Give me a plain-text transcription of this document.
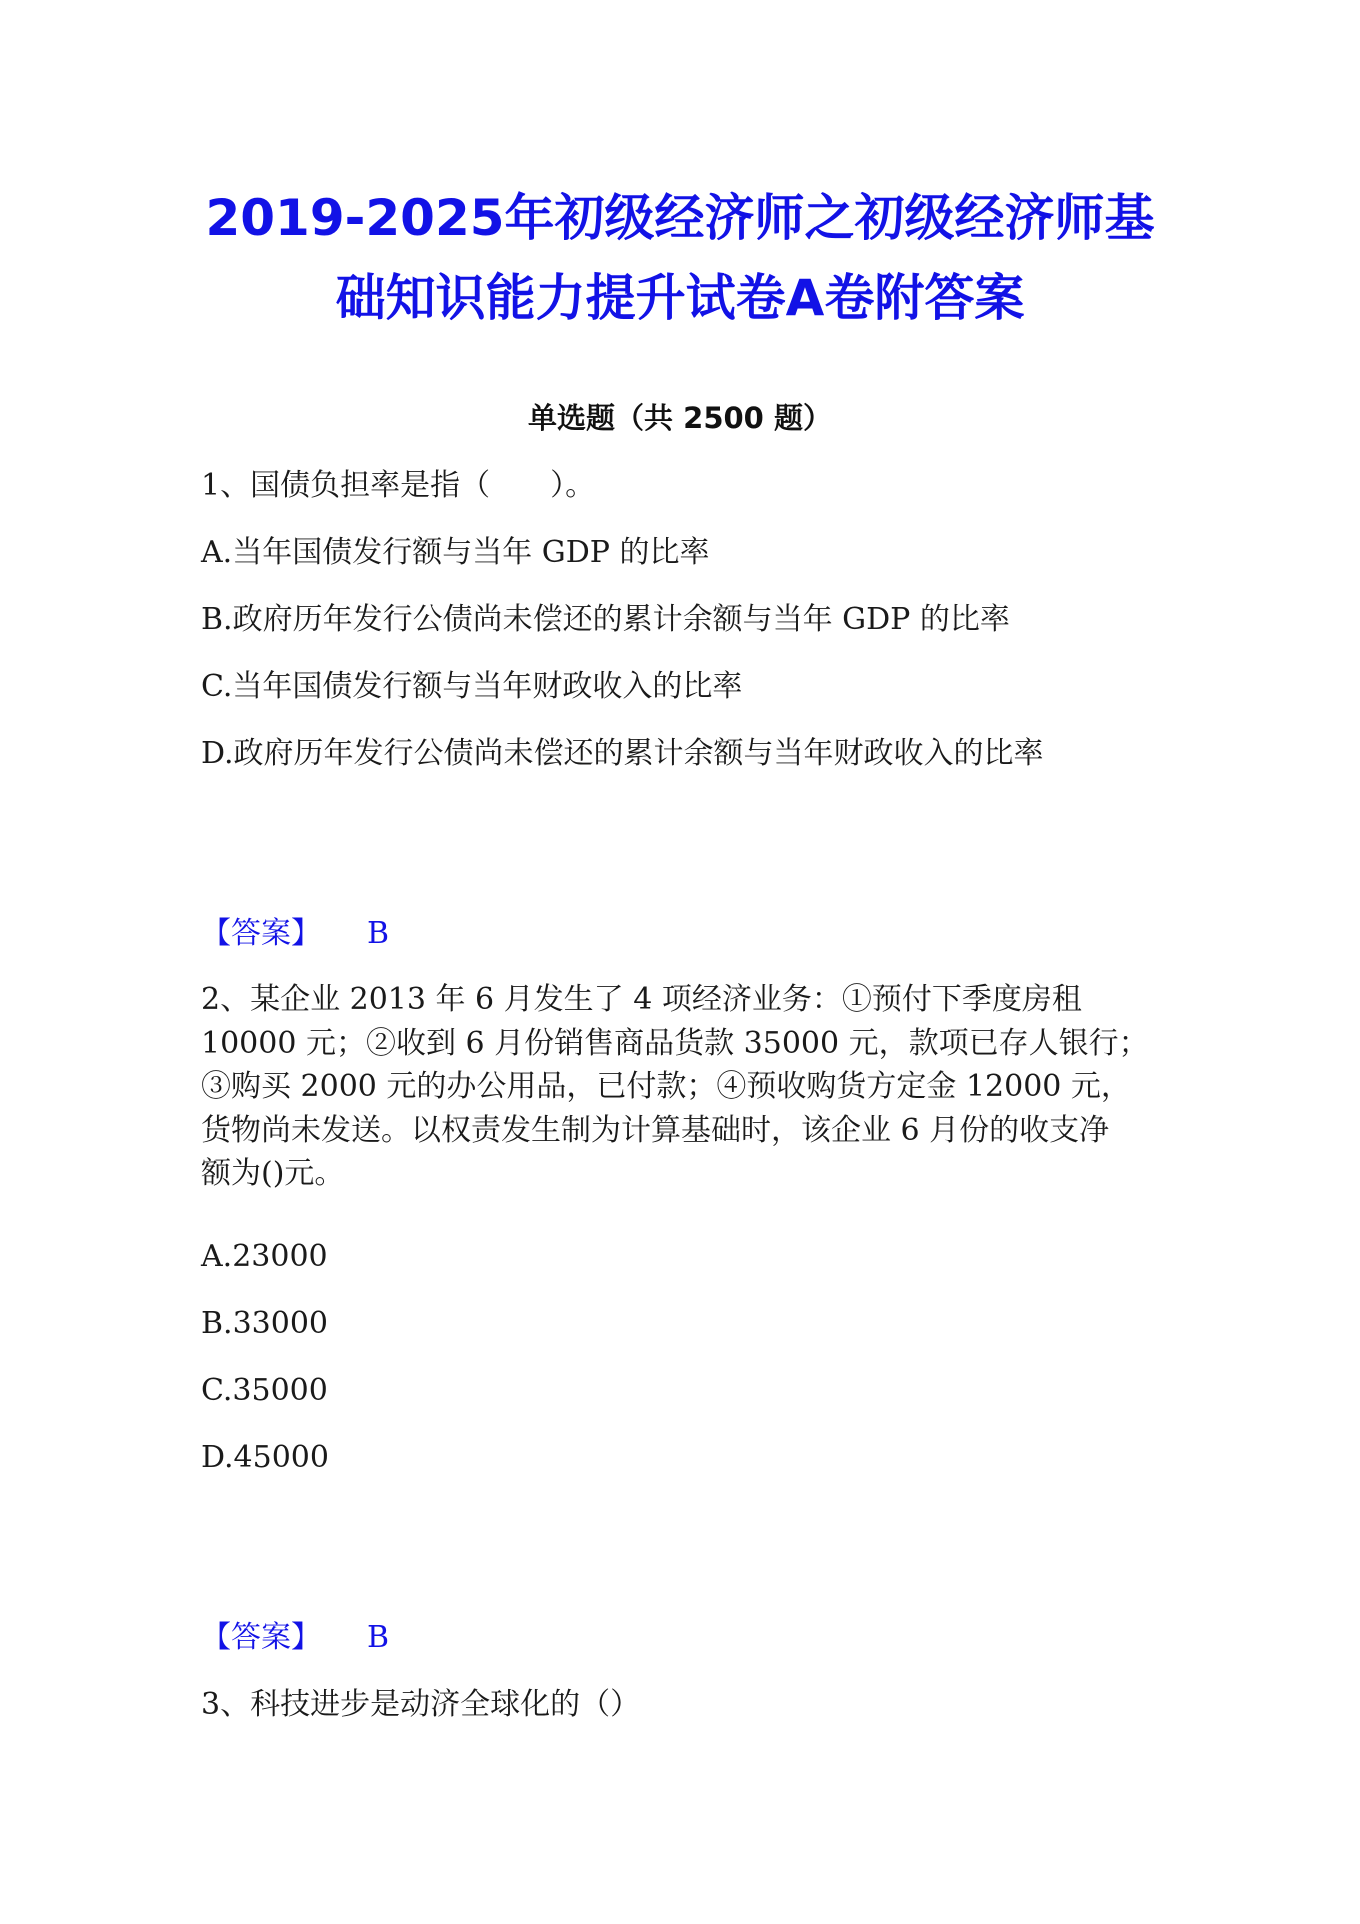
2019-2025年初级经济师之初级经济师基
础知识能力提升试卷A卷附答案
单选题（共 2500 题）
1、国债负担率是指（　　）。
A.当年国债发行额与当年 GDP 的比率
B.政府历年发行公债尚未偿还的累计余额与当年 GDP 的比率
C.当年国债发行额与当年财政收入的比率
D.政府历年发行公债尚未偿还的累计余额与当年财政收入的比率
【答案】 B
2、某企业 2013 年 6 月发生了 4 项经济业务：①预付下季度房租
10000 元；②收到 6 月份销售商品货款 35000 元，款项已存人银行；
③购买 2000 元的办公用品，已付款；④预收购货方定金 12000 元，
货物尚未发送。以权责发生制为计算基础时，该企业 6 月份的收支净
额为()元。
A.23000
B.33000
C.35000
D.45000
【答案】 B
3、科技进步是动济全球化的（）
